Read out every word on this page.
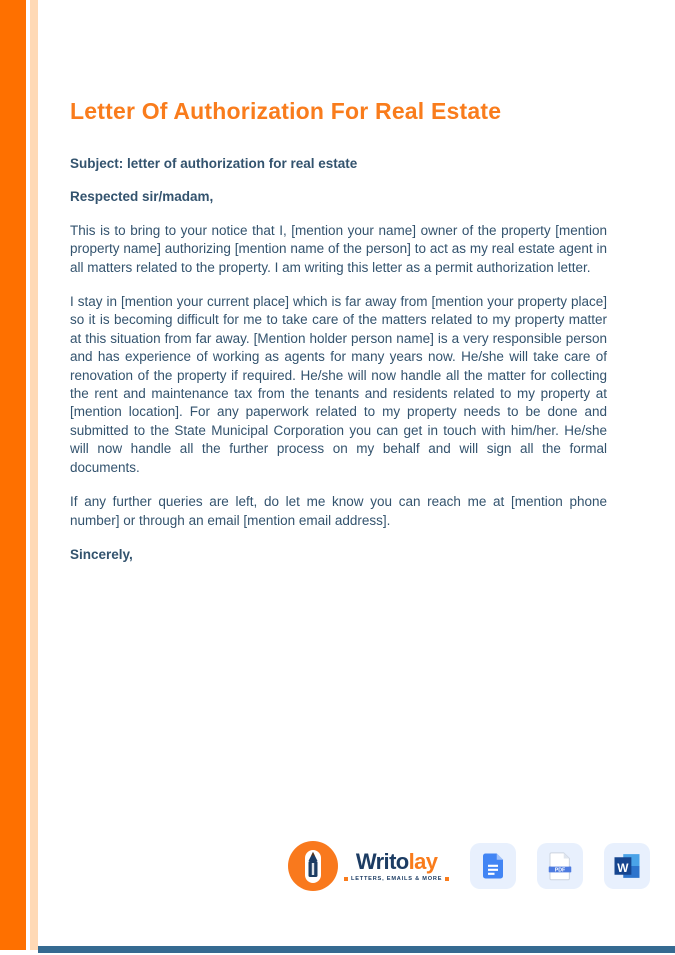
Letter Of Authorization For Real Estate

Subject: letter of authorization for real estate

Respected sir/madam,

This is to bring to your notice that I, [mention your name] owner of the property [mention property name] authorizing [mention name of the person] to act as my real estate agent in all matters related to the property. I am writing this letter as a permit authorization letter.

I stay in [mention your current place] which is far away from [mention your property place] so it is becoming difficult for me to take care of the matters related to my property matter at this situation from far away. [Mention holder person name] is a very responsible person and has experience of working as agents for many years now. He/she will take care of renovation of the property if required. He/she will now handle all the matter for collecting the rent and maintenance tax from the tenants and residents related to my property at [mention location]. For any paperwork related to my property needs to be done and submitted to the State Municipal Corporation you can get in touch with him/her. He/she will now handle all the further process on my behalf and will sign all the formal documents.

If any further queries are left, do let me know you can reach me at [mention phone number] or through an email [mention email address].

Sincerely,

Writolay
LETTERS, EMAILS & MORE
PDF	W
